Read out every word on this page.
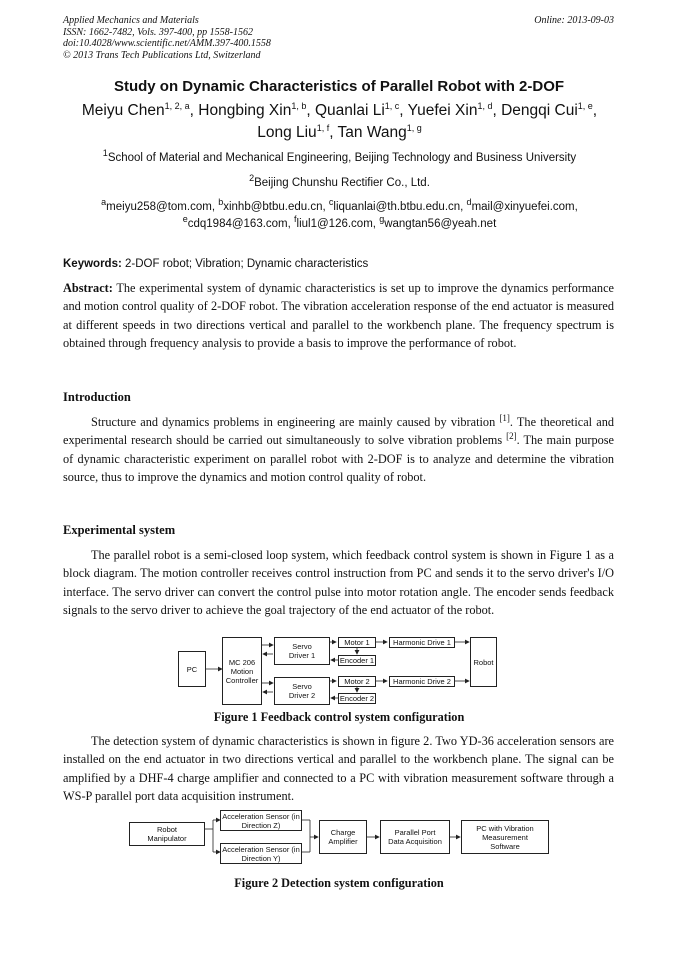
Applied Mechanics and Materials
ISSN: 1662-7482, Vols. 397-400, pp 1558-1562
doi:10.4028/www.scientific.net/AMM.397-400.1558
© 2013 Trans Tech Publications Ltd, Switzerland
Online: 2013-09-03
Study on Dynamic Characteristics of Parallel Robot with 2-DOF
Meiyu Chen$^{1, 2, a}$, Hongbing Xin$^{1, b}$, Quanlai Li$^{1, c}$, Yuefei Xin$^{1, d}$, Dengqi Cui$^{1, e}$,
Long Liu$^{1, f}$, Tan Wang$^{1, g}$
$^1$School of Material and Mechanical Engineering, Beijing Technology and Business University
$^2$Beijing Chunshu Rectifier Co., Ltd.
$^a$meiyu258@tom.com, $^b$xinhb@btbu.edu.cn, $^c$liquanlai@th.btbu.edu.cn, $^d$mail@xinyuefei.com,
$^e$cdq1984@163.com, $^f$liul1@126.com, $^g$wangtan56@yeah.net
Keywords: 2-DOF robot; Vibration; Dynamic characteristics
Abstract: The experimental system of dynamic characteristics is set up to improve the dynamics performance and motion control quality of 2-DOF robot. The vibration acceleration response of the end actuator is measured at different speeds in two directions vertical and parallel to the workbench plane. The frequency spectrum is obtained through frequency analysis to provide a basis to improve the performance of robot.
Introduction
Structure and dynamics problems in engineering are mainly caused by vibration [1]. The theoretical and experimental research should be carried out simultaneously to solve vibration problems [2]. The main purpose of dynamic characteristic experiment on parallel robot with 2-DOF is to analyze and determine the vibration source, thus to improve the dynamics and motion control quality of robot.
Experimental system
The parallel robot is a semi-closed loop system, which feedback control system is shown in Figure 1 as a block diagram. The motion controller receives control instruction from PC and sends it to the servo driver's I/O interface. The servo driver can convert the control pulse into motor rotation angle. The encoder sends feedback signals to the servo driver to achieve the goal trajectory of the end actuator of the robot.
PC
MC 206 Motion Controller
Servo Driver 1
Servo Driver 2
Motor 1
Encoder 1
Motor 2
Encoder 2
Harmonic Drive 1
Harmonic Drive 2
Robot
Figure 1 Feedback control system configuration
The detection system of dynamic characteristics is shown in figure 2. Two YD-36 acceleration sensors are installed on the end actuator in two directions vertical and parallel to the workbench plane. The signal can be amplified by a DHF-4 charge amplifier and connected to a PC with vibration measurement software through a WS-P parallel port data acquisition instrument.
Robot Manipulator
Acceleration Sensor (in Direction Z)
Acceleration Sensor (in Direction Y)
Charge Amplifier
Parallel Port Data Acquisition
PC with Vibration Measurement Software
Figure 2 Detection system configuration
